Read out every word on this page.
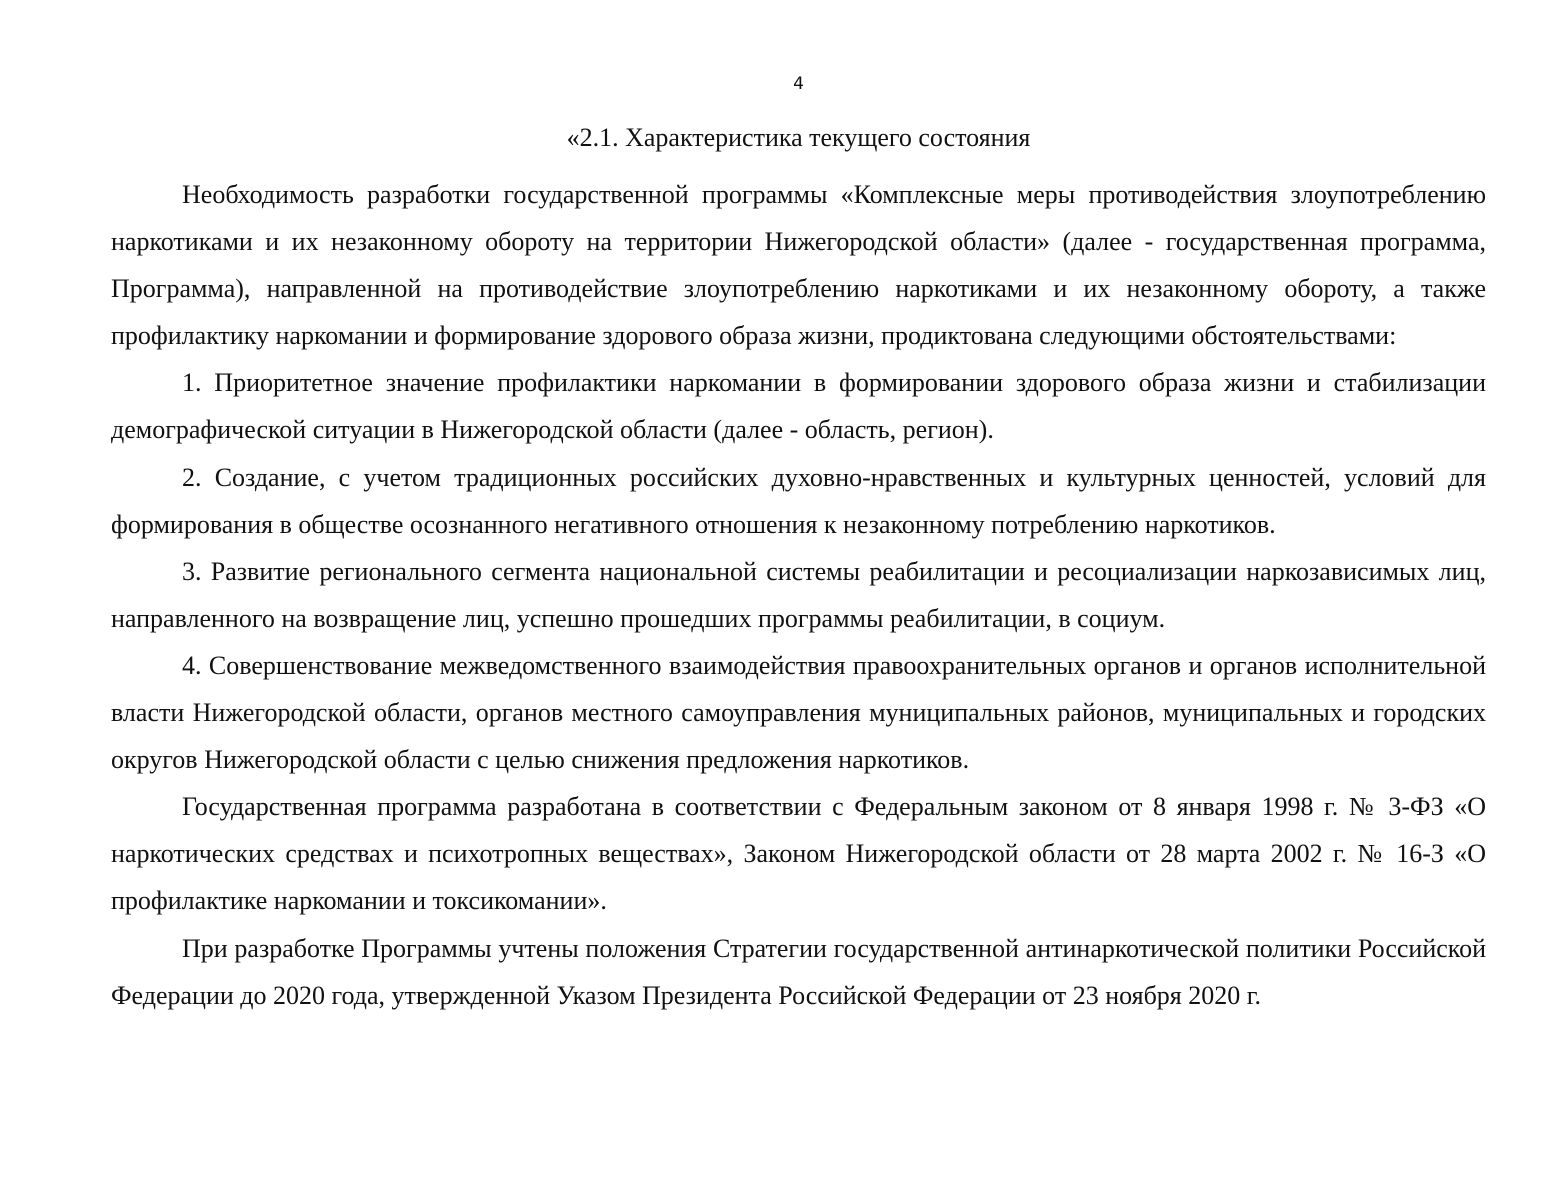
4
«2.1. Характеристика текущего состояния

Необходимость разработки государственной программы «Комплексные меры противодействия злоупотреблению наркотиками и их незаконному обороту на территории Нижегородской области» (далее - государственная программа, Программа), направленной на противодействие злоупотреблению наркотиками и их незаконному обороту, а также профилактику наркомании и формирование здорового образа жизни, продиктована следующими обстоятельствами:

1. Приоритетное значение профилактики наркомании в формировании здорового образа жизни и стабилизации демографической ситуации в Нижегородской области (далее - область, регион).

2. Создание, с учетом традиционных российских духовно-нравственных и культурных ценностей, условий для формирования в обществе осознанного негативного отношения к незаконному потреблению наркотиков.

3. Развитие регионального сегмента национальной системы реабилитации и ресоциализации наркозависимых лиц, направленного на возвращение лиц, успешно прошедших программы реабилитации, в социум.

4. Совершенствование межведомственного взаимодействия правоохранительных органов и органов исполнительной власти Нижегородской области, органов местного самоуправления муниципальных районов, муниципальных и городских округов Нижегородской области с целью снижения предложения наркотиков.

Государственная программа разработана в соответствии с Федеральным законом от 8 января 1998 г. № 3-ФЗ «О наркотических средствах и психотропных веществах», Законом Нижегородской области от 28 марта 2002 г. № 16-З «О профилактике наркомании и токсикомании».

При разработке Программы учтены положения Стратегии государственной антинаркотической политики Российской Федерации до 2020 года, утвержденной Указом Президента Российской Федерации от 23 ноября 2020 г.
